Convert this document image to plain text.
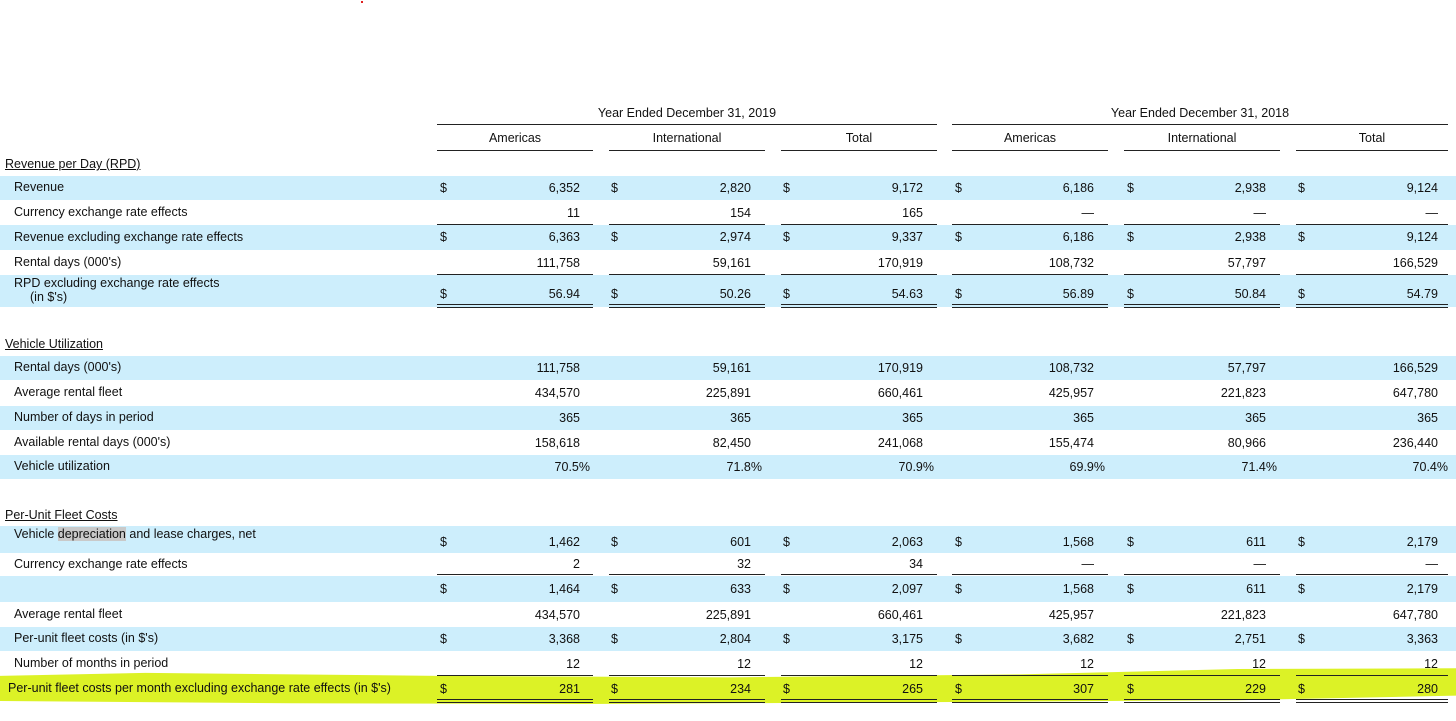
Year Ended December 31, 2019	Year Ended December 31, 2018
Americas	International	Total	Americas	International	Total
Revenue per Day (RPD)
Revenue	$	6,352 $	2,820	$	9,172	$	6,186	$	2,938	$	9,124
Currency exchange rate effects	11	154	165	—	—	—
Revenue excluding exchange rate effects	$	6,363 $	2,974	$	9,337	$	6,186	$	2,938	$	9,124
Rental days (000's)	111,758	59,161	170,919	108,732	57,797	166,529
RPD excluding exchange rate effects
(in $'s)	$	56.94 $	50.26	$	54.63	$	56.89	$	50.84	$	54.79
Vehicle Utilization
Rental days (000's)	111,758	59,161	170,919	108,732	57,797	166,529
Average rental fleet	434,570	225,891	660,461	425,957	221,823	647,780
Number of days in period	365	365	365	365	365	365
Available rental days (000's)	158,618	82,450	241,068	155,474	80,966	236,440
Vehicle utilization	70.5%	71.8%	70.9%	69.9%	71.4%	70.4%
Per-Unit Fleet Costs
Vehicle depreciation and lease charges, net
$	1,462 $	601	$	2,063	$	1,568	$	611	$	2,179
Currency exchange rate effects	2	32	34	—	—	—
$	1,464 $	633	$	2,097	$	1,568	$	611	$	2,179
Average rental fleet	434,570	225,891	660,461	425,957	221,823	647,780
Per-unit fleet costs (in $'s)	$	3,368 $	2,804	$	3,175	$	3,682	$	2,751	$	3,363
Number of months in period	12	12	12	12	12	12
Per-unit fleet costs per month excluding exchange rate effects (in $'s)	$	281 $	234	$	265	$	307	$	229	$	280
